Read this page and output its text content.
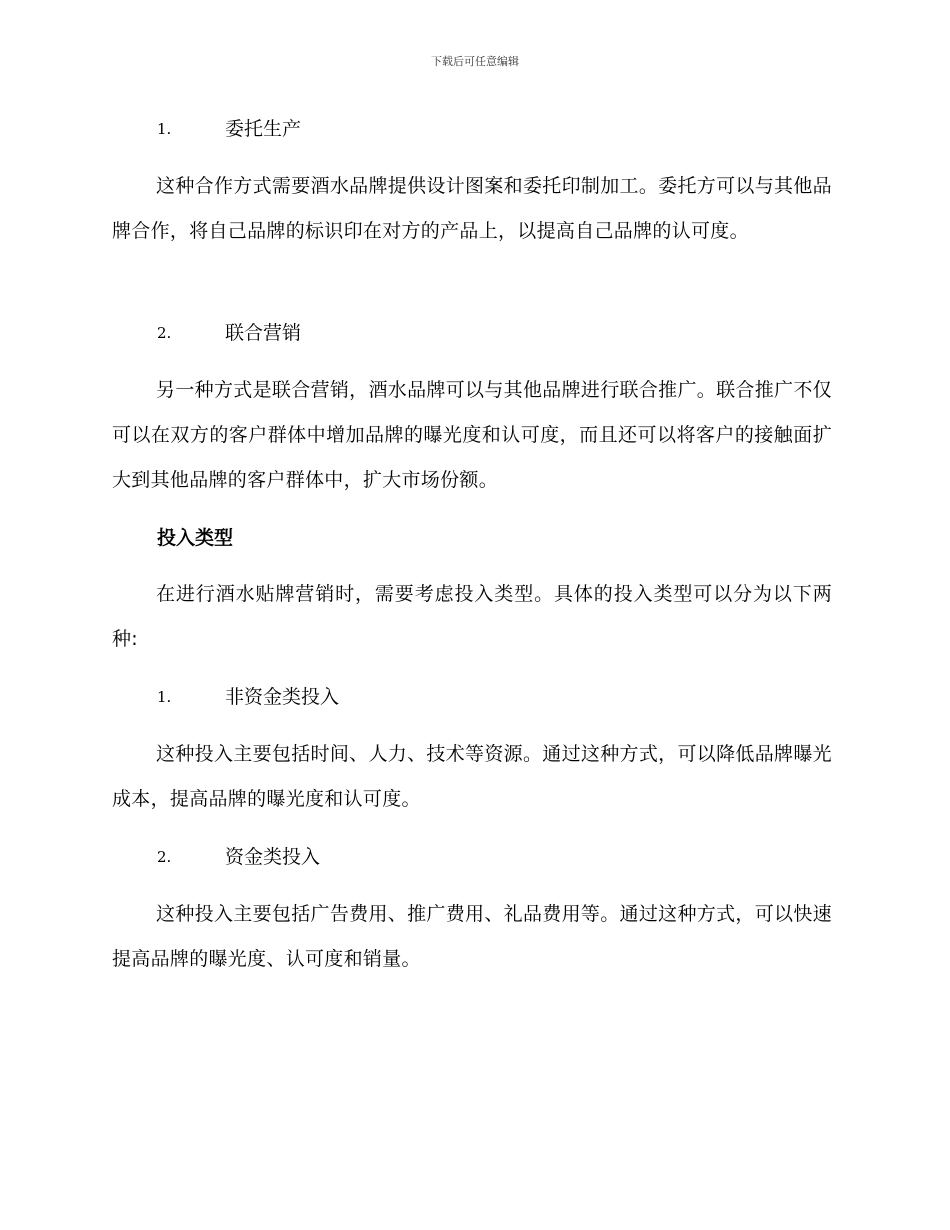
下载后可任意编辑
1.	委托生产

这种合作方式需要酒水品牌提供设计图案和委托印制加工。委托方可以与其他品牌合作，将自己品牌的标识印在对方的产品上，以提高自己品牌的认可度。

2.	联合营销

另一种方式是联合营销，酒水品牌可以与其他品牌进行联合推广。联合推广不仅可以在双方的客户群体中增加品牌的曝光度和认可度，而且还可以将客户的接触面扩大到其他品牌的客户群体中，扩大市场份额。

投入类型

在进行酒水贴牌营销时，需要考虑投入类型。具体的投入类型可以分为以下两种:

1.	非资金类投入

这种投入主要包括时间、人力、技术等资源。通过这种方式，可以降低品牌曝光成本，提高品牌的曝光度和认可度。

2.	资金类投入

这种投入主要包括广告费用、推广费用、礼品费用等。通过这种方式，可以快速提高品牌的曝光度、认可度和销量。
